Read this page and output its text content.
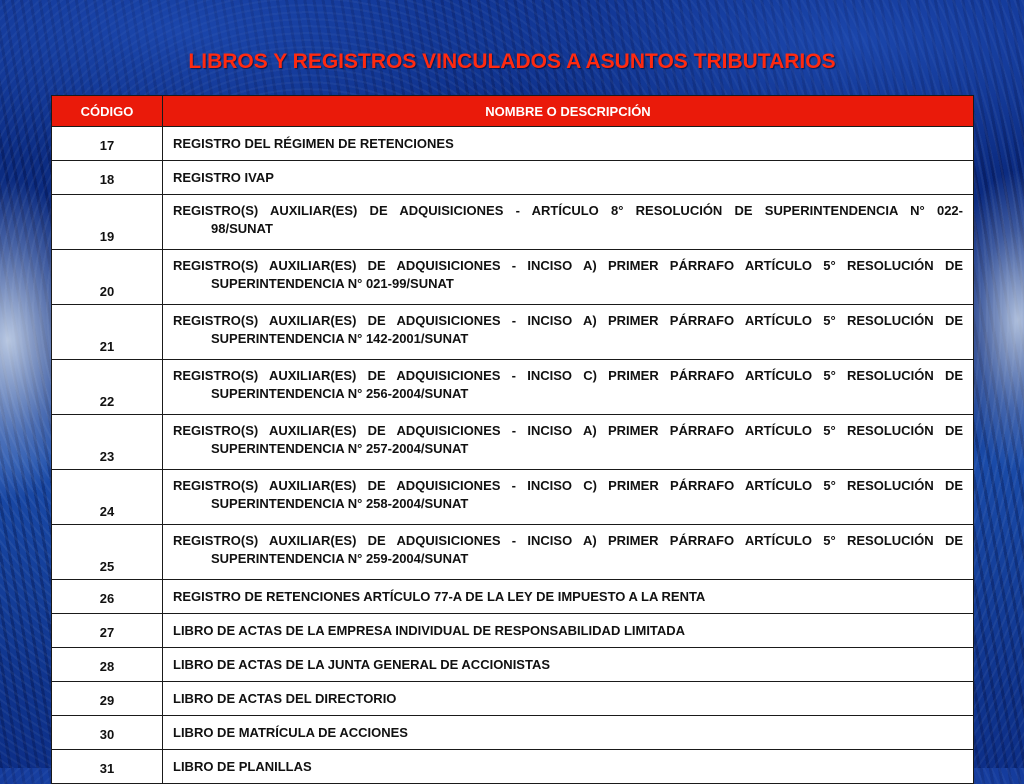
LIBROS Y REGISTROS VINCULADOS A ASUNTOS TRIBUTARIOS
CÓDIGO	NOMBRE O DESCRIPCIÓN
17	REGISTRO DEL RÉGIMEN DE RETENCIONES
18	REGISTRO IVAP
19	REGISTRO(S) AUXILIAR(ES) DE ADQUISICIONES - ARTÍCULO 8° RESOLUCIÓN DE SUPERINTENDENCIA N° 022-
98/SUNAT

20	REGISTRO(S) AUXILIAR(ES) DE ADQUISICIONES - INCISO A) PRIMER PÁRRAFO ARTÍCULO 5° RESOLUCIÓN DE
SUPERINTENDENCIA N° 021-99/SUNAT

21	REGISTRO(S) AUXILIAR(ES) DE ADQUISICIONES - INCISO A) PRIMER PÁRRAFO ARTÍCULO 5° RESOLUCIÓN DE
SUPERINTENDENCIA N° 142-2001/SUNAT

22	REGISTRO(S) AUXILIAR(ES) DE ADQUISICIONES - INCISO C) PRIMER PÁRRAFO ARTÍCULO 5° RESOLUCIÓN DE
SUPERINTENDENCIA N° 256-2004/SUNAT

23	REGISTRO(S) AUXILIAR(ES) DE ADQUISICIONES - INCISO A) PRIMER PÁRRAFO ARTÍCULO 5° RESOLUCIÓN DE
SUPERINTENDENCIA N° 257-2004/SUNAT

24	REGISTRO(S) AUXILIAR(ES) DE ADQUISICIONES - INCISO C) PRIMER PÁRRAFO ARTÍCULO 5° RESOLUCIÓN DE
SUPERINTENDENCIA N° 258-2004/SUNAT

25	REGISTRO(S) AUXILIAR(ES) DE ADQUISICIONES - INCISO A) PRIMER PÁRRAFO ARTÍCULO 5° RESOLUCIÓN DE
SUPERINTENDENCIA N° 259-2004/SUNAT

26	REGISTRO DE RETENCIONES ARTÍCULO 77-A DE LA LEY DE IMPUESTO A LA RENTA
27	LIBRO DE ACTAS DE LA EMPRESA INDIVIDUAL DE RESPONSABILIDAD LIMITADA
28	LIBRO DE ACTAS DE LA JUNTA GENERAL DE ACCIONISTAS
29	LIBRO DE ACTAS DEL DIRECTORIO
30	LIBRO DE MATRÍCULA DE ACCIONES
31	LIBRO DE PLANILLAS
